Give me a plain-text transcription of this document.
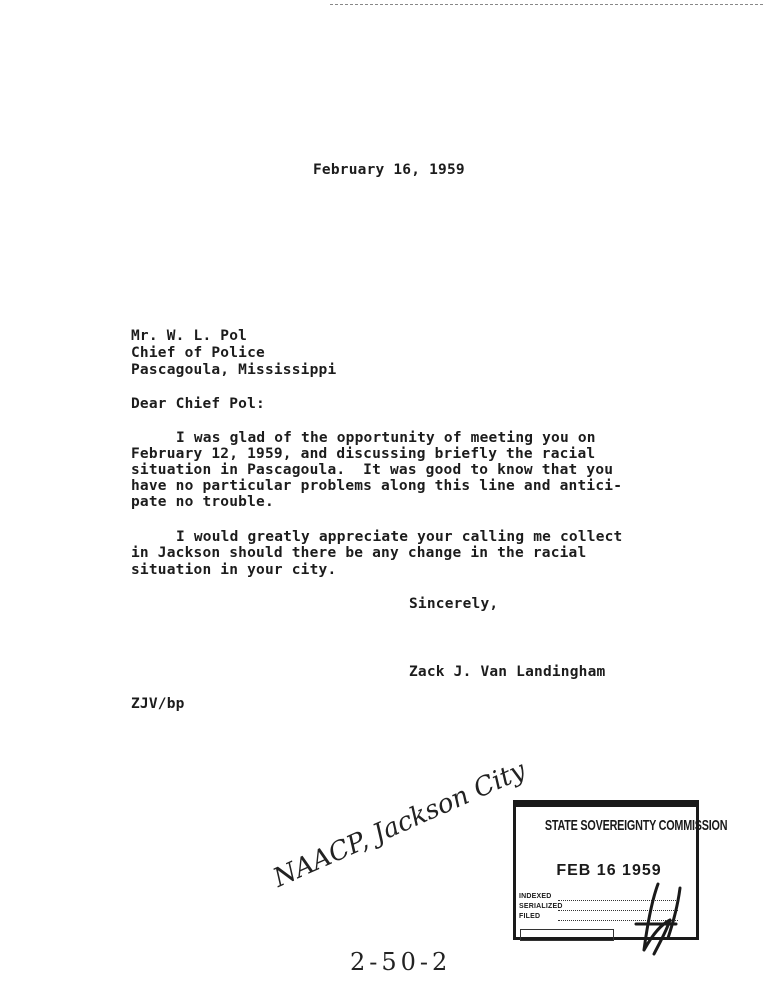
February 16, 1959
Mr. W. L. Pol
Chief of Police
Pascagoula, Mississippi
Dear Chief Pol:
I was glad of the opportunity of meeting you on
February 12, 1959, and discussing briefly the racial
situation in Pascagoula.  It was good to know that you
have no particular problems along this line and antici-
pate no trouble.
I would greatly appreciate your calling me collect
in Jackson should there be any change in the racial
situation in your city.
Sincerely,
Zack J. Van Landingham
ZJV/bp
NAACP, Jackson City
2-50-2
STATE SOVEREIGNTY COMMISSION
FEB 16 1959
INDEXED
SERIALIZED
FILED
